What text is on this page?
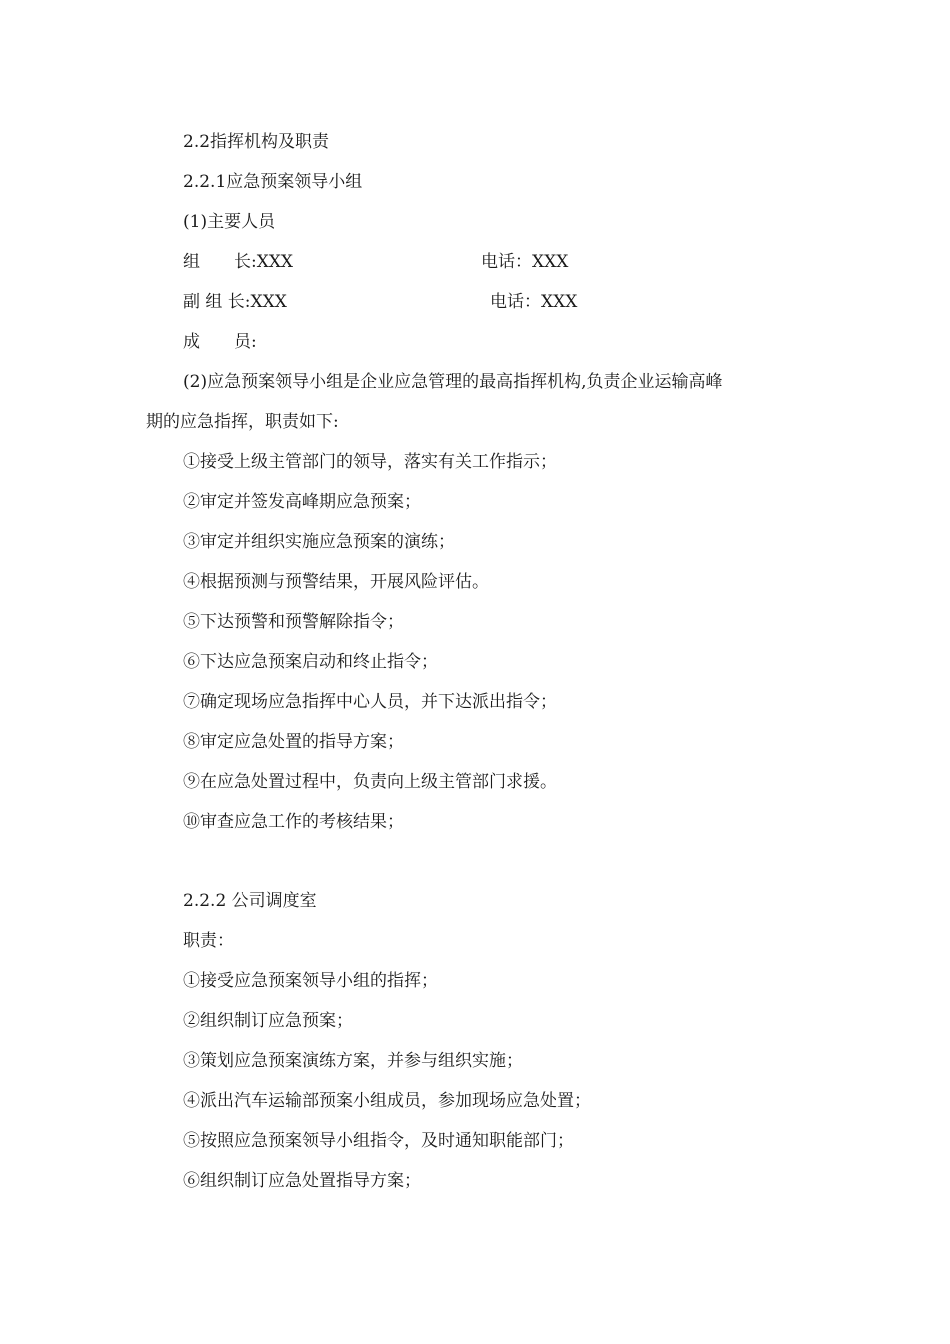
2.2指挥机构及职责
2.2.1应急预案领导小组
(1)主要人员
组　　长:XXX	电话：XXX
副 组 长:XXX	电话：XXX
成　　员:
(2)应急预案领导小组是企业应急管理的最高指挥机构,负责企业运输高峰
期的应急指挥，职责如下:
①接受上级主管部门的领导，落实有关工作指示；
②审定并签发高峰期应急预案；
③审定并组织实施应急预案的演练；
④根据预测与预警结果，开展风险评估。
⑤下达预警和预警解除指令；
⑥下达应急预案启动和终止指令；
⑦确定现场应急指挥中心人员，并下达派出指令；
⑧审定应急处置的指导方案；
⑨在应急处置过程中，负责向上级主管部门求援。
⑩审查应急工作的考核结果；
2.2.2 公司调度室
职责：
①接受应急预案领导小组的指挥；
②组织制订应急预案；
③策划应急预案演练方案，并参与组织实施；
④派出汽车运输部预案小组成员，参加现场应急处置；
⑤按照应急预案领导小组指令，及时通知职能部门；
⑥组织制订应急处置指导方案；
